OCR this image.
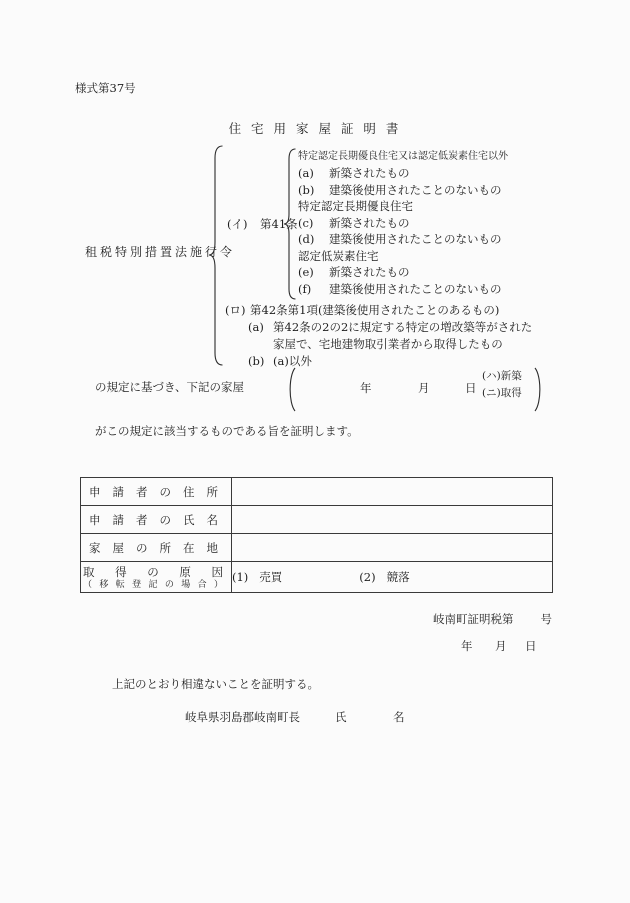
様式第37号
住 宅 用 家 屋 証 明 書
租税特別措置法施行令
(イ) 第41条
特定認定長期優良住宅又は認定低炭素住宅以外
(a) 新築されたもの
(b) 建築後使用されたことのないもの
特定認定長期優良住宅
(c) 新築されたもの
(d) 建築後使用されたことのないもの
認定低炭素住宅
(e) 新築されたもの
(f) 建築後使用されたことのないもの
(ロ) 第42条第1項(建築後使用されたことのあるもの)
(a) 第42条の2の2に規定する特定の増改築等がされた
家屋で、宅地建物取引業者から取得したもの
(b) (a)以外
の規定に基づき、下記の家屋	年	月	日
(ハ)新築
(ニ)取得
がこの規定に該当するものである旨を証明します。
申 請 者 の 住 所	

申 請 者 の 氏 名	

家 屋 の 所 在 地	

取 得 の 原 因
（ 移 転 登 記 の 場 合 ）	(1) 売買 (2) 競落
岐南町証明税第 号
年 月 日
上記のとおり相違ないことを証明する。
岐阜県羽島郡岐南町長	氏	名
